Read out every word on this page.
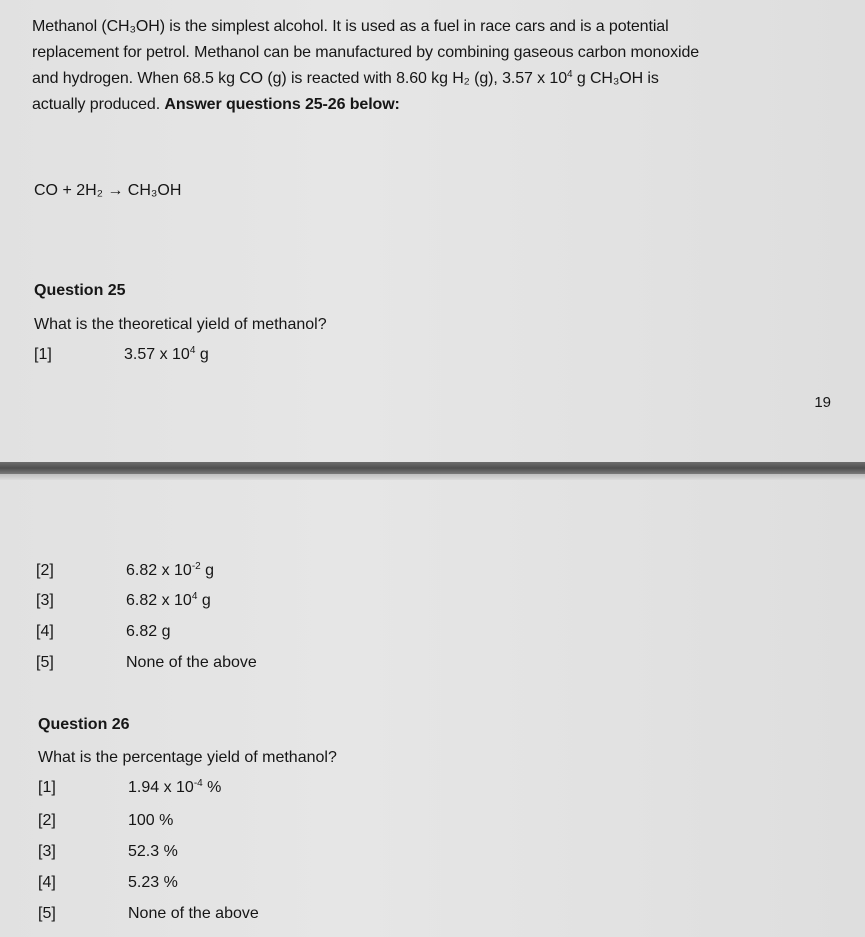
Methanol (CH₃OH) is the simplest alcohol. It is used as a fuel in race cars and is a potential
replacement for petrol. Methanol can be manufactured by combining gaseous carbon monoxide
and hydrogen. When 68.5 kg CO (g) is reacted with 8.60 kg H₂ (g), 3.57 x $10^4$ g CH₃OH is
actually produced. Answer questions 25-26 below:
CO + 2H₂ → CH₃OH
Question 25
What is the theoretical yield of methanol?
[1]	3.57 x $10^4$ g
19
[2]	6.82 x $10^{-2}$ g
[3]	6.82 x $10^4$ g
[4]	6.82 g
[5]	None of the above
Question 26
What is the percentage yield of methanol?
[1]	1.94 x $10^{-4}$ %
[2]	100 %
[3]	52.3 %
[4]	5.23 %
[5]	None of the above
